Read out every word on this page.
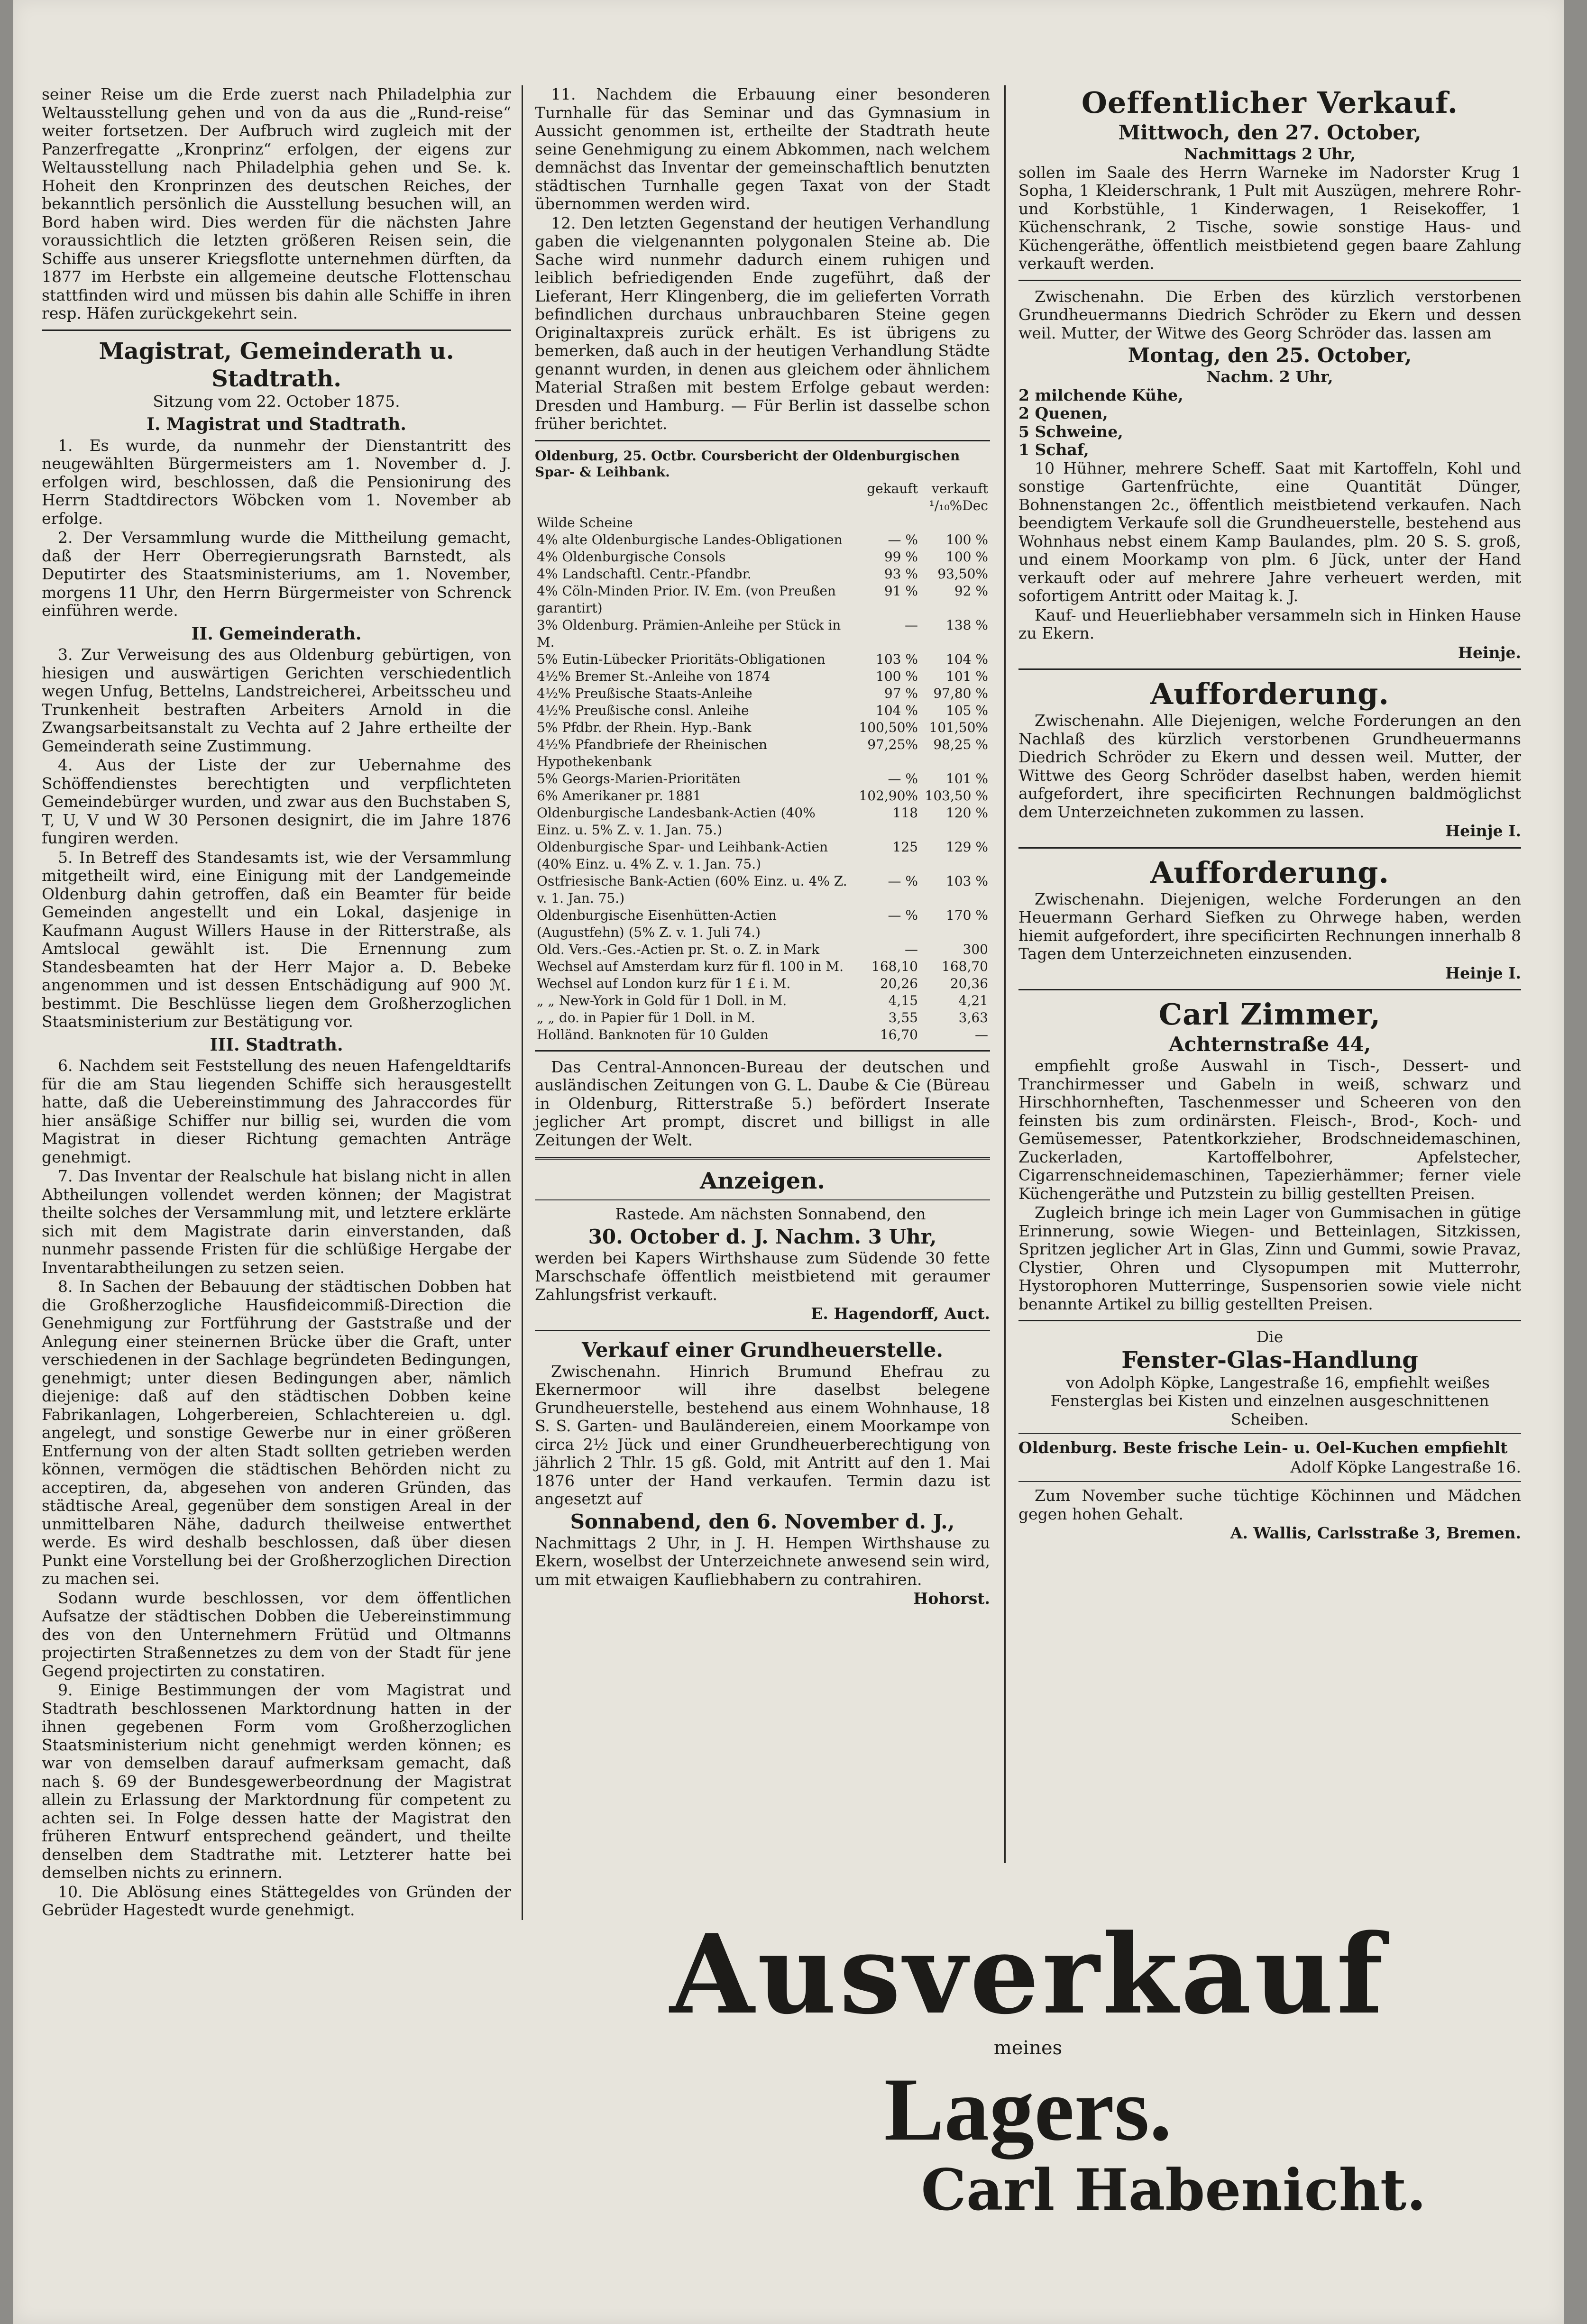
seiner Reise um die Erde zuerst nach Philadelphia zur Weltausstellung gehen und von da aus die „Rund-reise“ weiter fortsetzen. Der Aufbruch wird zugleich mit der Panzerfregatte „Kronprinz“ erfolgen, der eigens zur Weltausstellung nach Philadelphia gehen und Se. k. Hoheit den Kronprinzen des deutschen Reiches, der bekanntlich persönlich die Ausstellung besuchen will, an Bord haben wird. Dies werden für die nächsten Jahre voraussichtlich die letzten größeren Reisen sein, die Schiffe aus unserer Kriegsflotte unternehmen dürften, da 1877 im Herbste ein allgemeine deutsche Flottenschau stattfinden wird und müssen bis dahin alle Schiffe in ihren resp. Häfen zurückgekehrt sein.

Magistrat, Gemeinderath u. Stadtrath.
Sitzung vom 22. October 1875.
I. Magistrat und Stadtrath.

1. Es wurde, da nunmehr der Dienstantritt des neugewählten Bürgermeisters am 1. November d. J. erfolgen wird, beschlossen, daß die Pensionirung des Herrn Stadtdirectors Wöbcken vom 1. November ab erfolge.

2. Der Versammlung wurde die Mittheilung gemacht, daß der Herr Oberregierungsrath Barnstedt, als Deputirter des Staatsministeriums, am 1. November, morgens 11 Uhr, den Herrn Bürgermeister von Schrenck einführen werde.

II. Gemeinderath.

3. Zur Verweisung des aus Oldenburg gebürtigen, von hiesigen und auswärtigen Gerichten verschiedentlich wegen Unfug, Bettelns, Landstreicherei, Arbeitsscheu und Trunkenheit bestraften Arbeiters Arnold in die Zwangsarbeitsanstalt zu Vechta auf 2 Jahre ertheilte der Gemeinderath seine Zustimmung.

4. Aus der Liste der zur Uebernahme des Schöffendienstes berechtigten und verpflichteten Gemeindebürger wurden, und zwar aus den Buchstaben S, T, U, V und W 30 Personen designirt, die im Jahre 1876 fungiren werden.

5. In Betreff des Standesamts ist, wie der Versammlung mitgetheilt wird, eine Einigung mit der Landgemeinde Oldenburg dahin getroffen, daß ein Beamter für beide Gemeinden angestellt und ein Lokal, dasjenige in Kaufmann August Willers Hause in der Ritterstraße, als Amtslocal gewählt ist. Die Ernennung zum Standesbeamten hat der Herr Major a. D. Bebeke angenommen und ist dessen Entschädigung auf 900 ℳ. bestimmt. Die Beschlüsse liegen dem Großherzoglichen Staatsministerium zur Bestätigung vor.

III. Stadtrath.

6. Nachdem seit Feststellung des neuen Hafengeldtarifs für die am Stau liegenden Schiffe sich herausgestellt hatte, daß die Uebereinstimmung des Jahraccordes für hier ansäßige Schiffer nur billig sei, wurden die vom Magistrat in dieser Richtung gemachten Anträge genehmigt.

7. Das Inventar der Realschule hat bislang nicht in allen Abtheilungen vollendet werden können; der Magistrat theilte solches der Versammlung mit, und letztere erklärte sich mit dem Magistrate darin einverstanden, daß nunmehr passende Fristen für die schlüßige Hergabe der Inventarabtheilungen zu setzen seien.

8. In Sachen der Bebauung der städtischen Dobben hat die Großherzogliche Hausfideicommiß-Direction die Genehmigung zur Fortführung der Gaststraße und der Anlegung einer steinernen Brücke über die Graft, unter verschiedenen in der Sachlage begründeten Bedingungen, genehmigt; unter diesen Bedingungen aber, nämlich diejenige: daß auf den städtischen Dobben keine Fabrikanlagen, Lohgerbereien, Schlachtereien u. dgl. angelegt, und sonstige Gewerbe nur in einer größeren Entfernung von der alten Stadt sollten getrieben werden können, vermögen die städtischen Behörden nicht zu acceptiren, da, abgesehen von anderen Gründen, das städtische Areal, gegenüber dem sonstigen Areal in der unmittelbaren Nähe, dadurch theilweise entwerthet werde. Es wird deshalb beschlossen, daß über diesen Punkt eine Vorstellung bei der Großherzoglichen Direction zu machen sei.

Sodann wurde beschlossen, vor dem öffentlichen Aufsatze der städtischen Dobben die Uebereinstimmung des von den Unternehmern Frütüd und Oltmanns projectirten Straßennetzes zu dem von der Stadt für jene Gegend projectirten zu constatiren.

9. Einige Bestimmungen der vom Magistrat und Stadtrath beschlossenen Marktordnung hatten in der ihnen gegebenen Form vom Großherzoglichen Staatsministerium nicht genehmigt werden können; es war von demselben darauf aufmerksam gemacht, daß nach §. 69 der Bundesgewerbeordnung der Magistrat allein zu Erlassung der Marktordnung für competent zu achten sei. In Folge dessen hatte der Magistrat den früheren Entwurf entsprechend geändert, und theilte denselben dem Stadtrathe mit. Letzterer hatte bei demselben nichts zu erinnern.

10. Die Ablösung eines Stättegeldes von Gründen der Gebrüder Hagestedt wurde genehmigt.

11. Nachdem die Erbauung einer besonderen Turnhalle für das Seminar und das Gymnasium in Aussicht genommen ist, ertheilte der Stadtrath heute seine Genehmigung zu einem Abkommen, nach welchem demnächst das Inventar der gemeinschaftlich benutzten städtischen Turnhalle gegen Taxat von der Stadt übernommen werden wird.

12. Den letzten Gegenstand der heutigen Verhandlung gaben die vielgenannten polygonalen Steine ab. Die Sache wird nunmehr dadurch einem ruhigen und leiblich befriedigenden Ende zugeführt, daß der Lieferant, Herr Klingenberg, die im gelieferten Vorrath befindlichen durchaus unbrauchbaren Steine gegen Originaltaxpreis zurück erhält. Es ist übrigens zu bemerken, daß auch in der heutigen Verhandlung Städte genannt wurden, in denen aus gleichem oder ähnlichem Material Straßen mit bestem Erfolge gebaut werden: Dresden und Hamburg. — Für Berlin ist dasselbe schon früher berichtet.

Oldenburg, 25. Octbr. Coursbericht der Oldenburgischen Spar- & Leihbank.
	gekauft	verkauft
		¹/₁₀%Dec
Wilde Scheine		
4% alte Oldenburgische Landes-Obligationen	— %	100 %
4% Oldenburgische Consols	99 %	100 %
4% Landschaftl. Centr.-Pfandbr.	93 %	93,50%
4% Cöln-Minden Prior. IV. Em. (von Preußen garantirt)	91 %	92 %
3% Oldenburg. Prämien-Anleihe per Stück in M.	—	138 %
5% Eutin-Lübecker Prioritäts-Obligationen	103 %	104 %
4½% Bremer St.-Anleihe von 1874	100 %	101 %
4½% Preußische Staats-Anleihe	97 %	97,80 %
4½% Preußische consl. Anleihe	104 %	105 %
5% Pfdbr. der Rhein. Hyp.-Bank	100,50%	101,50%
4½% Pfandbriefe der Rheinischen Hypothekenbank	97,25%	98,25 %
5% Georgs-Marien-Prioritäten	— %	101 %
6% Amerikaner pr. 1881	102,90%	103,50 %
Oldenburgische Landesbank-Actien (40% Einz. u. 5% Z. v. 1. Jan. 75.)	118	120 %
Oldenburgische Spar- und Leihbank-Actien (40% Einz. u. 4% Z. v. 1. Jan. 75.)	125	129 %
Ostfriesische Bank-Actien (60% Einz. u. 4% Z. v. 1. Jan. 75.)	— %	103 %
Oldenburgische Eisenhütten-Actien (Augustfehn) (5% Z. v. 1. Juli 74.)	— %	170 %
Old. Vers.-Ges.-Actien pr. St. o. Z. in Mark	—	300
Wechsel auf Amsterdam kurz für fl. 100 in M.	168,10	168,70
Wechsel auf London kurz für 1 £ i. M.	20,26	20,36
„ „ New-York in Gold für 1 Doll. in M.	4,15	4,21
„ „ do. in Papier für 1 Doll. in M.	3,55	3,63
Holländ. Banknoten für 10 Gulden	16,70	—

Das Central-Annoncen-Bureau der deutschen und ausländischen Zeitungen von G. L. Daube & Cie (Büreau in Oldenburg, Ritterstraße 5.) befördert Inserate jeglicher Art prompt, discret und billigst in alle Zeitungen der Welt.

Anzeigen.

Rastede. Am nächsten Sonnabend, den

30. October d. J. Nachm. 3 Uhr,

werden bei Kapers Wirthshause zum Südende 30 fette Marschschafe öffentlich meistbietend mit geraumer Zahlungsfrist verkauft.

E. Hagendorff, Auct.
Verkauf einer Grundheuerstelle.

Zwischenahn. Hinrich Brumund Ehefrau zu Ekernermoor will ihre daselbst belegene Grundheuerstelle, bestehend aus einem Wohnhause, 18 S. S. Garten- und Bauländereien, einem Moorkampe von circa 2½ Jück und einer Grundheuerberechtigung von jährlich 2 Thlr. 15 gß. Gold, mit Antritt auf den 1. Mai 1876 unter der Hand verkaufen. Termin dazu ist angesetzt auf

Sonnabend, den 6. November d. J.,

Nachmittags 2 Uhr, in J. H. Hempen Wirthshause zu Ekern, woselbst der Unterzeichnete anwesend sein wird, um mit etwaigen Kaufliebhabern zu contrahiren.

Hohorst.
Oeffentlicher Verkauf.
Mittwoch, den 27. October,
Nachmittags 2 Uhr,

sollen im Saale des Herrn Warneke im Nadorster Krug 1 Sopha, 1 Kleiderschrank, 1 Pult mit Auszügen, mehrere Rohr- und Korbstühle, 1 Kinderwagen, 1 Reisekoffer, 1 Küchenschrank, 2 Tische, sowie sonstige Haus- und Küchengeräthe, öffentlich meistbietend gegen baare Zahlung verkauft werden.

Zwischenahn. Die Erben des kürzlich verstorbenen Grundheuermanns Diedrich Schröder zu Ekern und dessen weil. Mutter, der Witwe des Georg Schröder das. lassen am

Montag, den 25. October,
Nachm. 2 Uhr,
2 milchende Kühe,
2 Quenen,
5 Schweine,
1 Schaf,

10 Hühner, mehrere Scheff. Saat mit Kartoffeln, Kohl und sonstige Gartenfrüchte, eine Quantität Dünger, Bohnenstangen 2c., öffentlich meistbietend verkaufen. Nach beendigtem Verkaufe soll die Grundheuerstelle, bestehend aus Wohnhaus nebst einem Kamp Baulandes, plm. 20 S. S. groß, und einem Moorkamp von plm. 6 Jück, unter der Hand verkauft oder auf mehrere Jahre verheuert werden, mit sofortigem Antritt oder Maitag k. J.

Kauf- und Heuerliebhaber versammeln sich in Hinken Hause zu Ekern.

Heinje.
Aufforderung.

Zwischenahn. Alle Diejenigen, welche Forderungen an den Nachlaß des kürzlich verstorbenen Grundheuermanns Diedrich Schröder zu Ekern und dessen weil. Mutter, der Wittwe des Georg Schröder daselbst haben, werden hiemit aufgefordert, ihre specificirten Rechnungen baldmöglichst dem Unterzeichneten zukommen zu lassen.

Heinje I.
Aufforderung.

Zwischenahn. Diejenigen, welche Forderungen an den Heuermann Gerhard Siefken zu Ohrwege haben, werden hiemit aufgefordert, ihre specificirten Rechnungen innerhalb 8 Tagen dem Unterzeichneten einzusenden.

Heinje I.
Carl Zimmer,
Achternstraße 44,

empfiehlt große Auswahl in Tisch-, Dessert- und Tranchirmesser und Gabeln in weiß, schwarz und Hirschhornheften, Taschenmesser und Scheeren von den feinsten bis zum ordinärsten. Fleisch-, Brod-, Koch- und Gemüsemesser, Patentkorkzieher, Brodschneidemaschinen, Zuckerladen, Kartoffelbohrer, Apfelstecher, Cigarrenschneidemaschinen, Tapezierhämmer; ferner viele Küchengeräthe und Putzstein zu billig gestellten Preisen.

Zugleich bringe ich mein Lager von Gummisachen in gütige Erinnerung, sowie Wiegen- und Betteinlagen, Sitzkissen, Spritzen jeglicher Art in Glas, Zinn und Gummi, sowie Pravaz, Clystier, Ohren und Clysopumpen mit Mutterrohr, Hystorophoren Mutterringe, Suspensorien sowie viele nicht benannte Artikel zu billig gestellten Preisen.

Die
Fenster-Glas-Handlung

von Adolph Köpke, Langestraße 16, empfiehlt weißes Fensterglas bei Kisten und einzelnen ausgeschnittenen Scheiben.

Oldenburg. Beste frische Lein- u. Oel-Kuchen empfiehlt

Adolf Köpke Langestraße 16.

Zum November suche tüchtige Köchinnen und Mädchen gegen hohen Gehalt.

A. Wallis, Carlsstraße 3, Bremen.
Ausverkauf
meines
Lagers.
Carl Habenicht.
